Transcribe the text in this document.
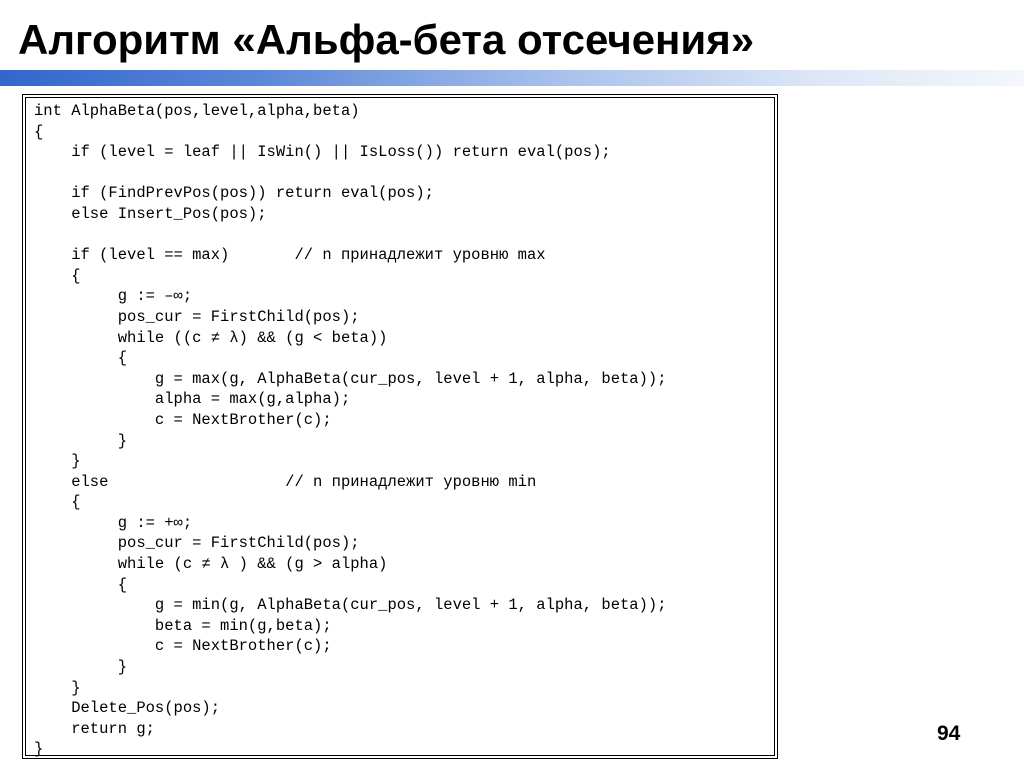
Алгоритм «Альфа-бета отсечения»
int AlphaBeta(pos,level,alpha,beta)
{
if (level = leaf || IsWin() || IsLoss()) return eval(pos);
if (FindPrevPos(pos)) return eval(pos);
else Insert_Pos(pos);
if (level == max)       // n принадлежит уровню max
{
g := –∞;
pos_cur = FirstChild(pos);
while ((c ≠ λ) && (g < beta))
{
g = max(g, AlphaBeta(cur_pos, level + 1, alpha, beta));
alpha = max(g,alpha);
c = NextBrother(c);
}
}
else                   // n принадлежит уровню min
{
g := +∞;
pos_cur = FirstChild(pos);
while (c ≠ λ ) && (g > alpha)
{
g = min(g, AlphaBeta(cur_pos, level + 1, alpha, beta));
beta = min(g,beta);
c = NextBrother(c);
}
}
Delete_Pos(pos);
return g;
}
94
